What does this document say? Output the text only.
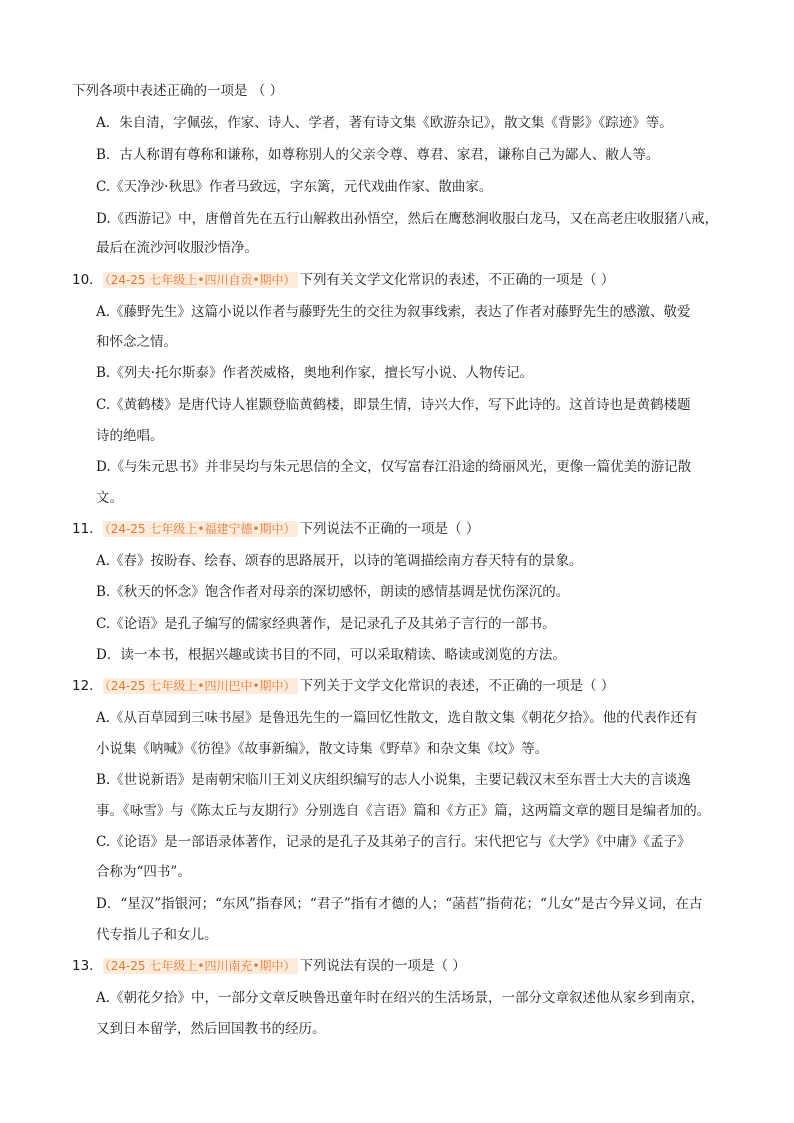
下列各项中表述正确的一项是 （ ）
A．朱自清，字佩弦，作家、诗人、学者，著有诗文集《欧游杂记》，散文集《背影》《踪迹》等。
B．古人称谓有尊称和谦称，如尊称别人的父亲令尊、尊君、家君，谦称自己为鄙人、敝人等。
C.《天净沙·秋思》作者马致远，字东篱，元代戏曲作家、散曲家。
D.《西游记》中，唐僧首先在五行山解救出孙悟空，然后在鹰愁涧收服白龙马，又在高老庄收服猪八戒，
最后在流沙河收服沙悟净。
10． （24-25 七年级上•四川自贡•期中） 下列有关文学文化常识的表述，不正确的一项是（ ）
A.《藤野先生》这篇小说以作者与藤野先生的交往为叙事线索，表达了作者对藤野先生的感激、敬爱
和怀念之情。
B.《列夫·托尔斯泰》作者茨威格，奥地利作家，擅长写小说、人物传记。
C.《黄鹤楼》是唐代诗人崔颢登临黄鹤楼，即景生情，诗兴大作，写下此诗的。这首诗也是黄鹤楼题
诗的绝唱。
D.《与朱元思书》并非吴均与朱元思信的全文，仅写富春江沿途的绮丽风光，更像一篇优美的游记散
文。
11． （24-25 七年级上•福建宁德•期中） 下列说法不正确的一项是（ ）
A.《春》按盼春、绘春、颂春的思路展开，以诗的笔调描绘南方春天特有的景象。
B.《秋天的怀念》饱含作者对母亲的深切感怀，朗读的感情基调是忧伤深沉的。
C.《论语》是孔子编写的儒家经典著作，是记录孔子及其弟子言行的一部书。
D．读一本书，根据兴趣或读书目的不同，可以采取精读、略读或浏览的方法。
12． （24-25 七年级上•四川巴中•期中） 下列关于文学文化常识的表述，不正确的一项是（ ）
A.《从百草园到三味书屋》是鲁迅先生的一篇回忆性散文，选自散文集《朝花夕拾》。他的代表作还有
小说集《呐喊》《彷徨》《故事新编》，散文诗集《野草》和杂文集《坟》等。
B.《世说新语》是南朝宋临川王刘义庆组织编写的志人小说集，主要记载汉末至东晋士大夫的言谈逸
事。《咏雪》与《陈太丘与友期行》分别选自《言语》篇和《方正》篇，这两篇文章的题目是编者加的。
C.《论语》是一部语录体著作，记录的是孔子及其弟子的言行。宋代把它与《大学》《中庸》《孟子》
合称为“四书”。
D．“星汉”指银河；“东风”指春风；“君子”指有才德的人；“菡萏”指荷花；“儿女”是古今异义词，在古
代专指儿子和女儿。
13． （24-25 七年级上•四川南充•期中） 下列说法有误的一项是（ ）
A.《朝花夕拾》中，一部分文章反映鲁迅童年时在绍兴的生活场景，一部分文章叙述他从家乡到南京，
又到日本留学，然后回国教书的经历。
